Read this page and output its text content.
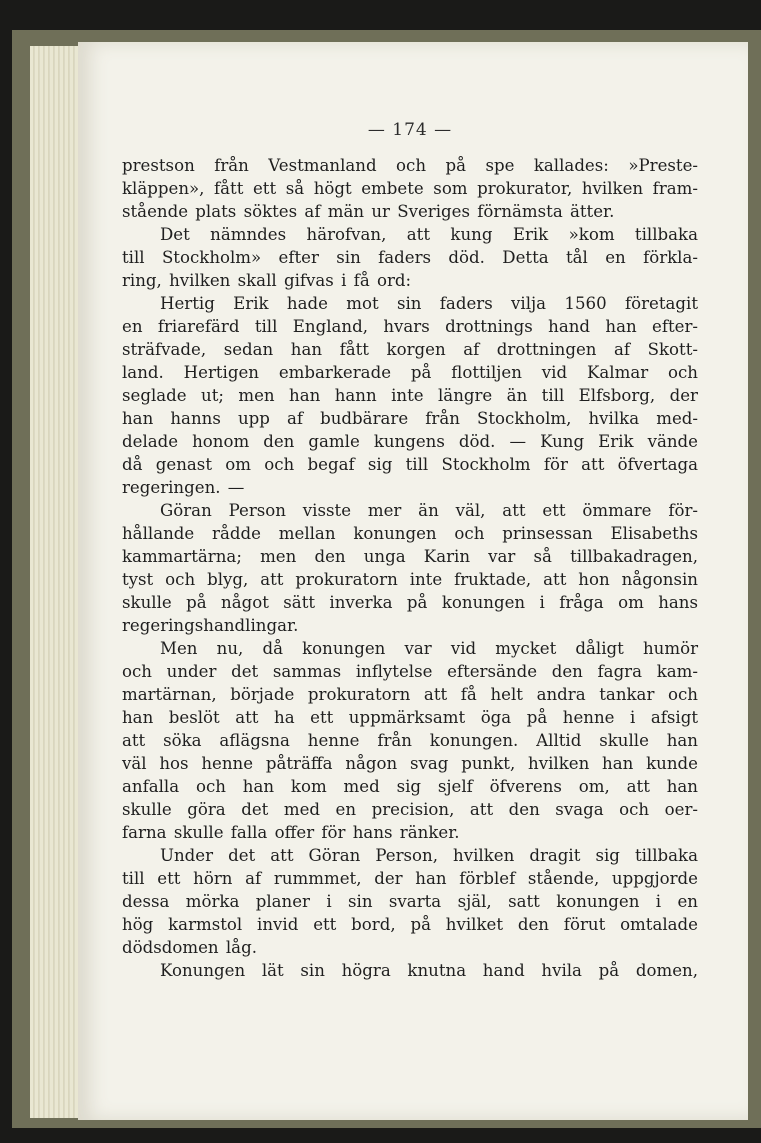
— 174 —
prestson från Vestmanland och på spe kallades: »Preste-
kläppen», fått ett så högt embete som prokurator, hvilken fram-
stående plats söktes af män ur Sveriges förnämsta ätter.
Det nämndes härofvan, att kung Erik »kom tillbaka
till Stockholm» efter sin faders död. Detta tål en förkla-
ring, hvilken skall gifvas i få ord:
Hertig Erik hade mot sin faders vilja 1560 företagit
en friarefärd till England, hvars drottnings hand han efter-
sträfvade, sedan han fått korgen af drottningen af Skott-
land. Hertigen embarkerade på flottiljen vid Kalmar och
seglade ut; men han hann inte längre än till Elfsborg, der
han hanns upp af budbärare från Stockholm, hvilka med-
delade honom den gamle kungens död. — Kung Erik vände
då genast om och begaf sig till Stockholm för att öfvertaga
regeringen. —
Göran Person visste mer än väl, att ett ömmare för-
hållande rådde mellan konungen och prinsessan Elisabeths
kammartärna; men den unga Karin var så tillbakadragen,
tyst och blyg, att prokuratorn inte fruktade, att hon någonsin
skulle på något sätt inverka på konungen i fråga om hans
regeringshandlingar.
Men nu, då konungen var vid mycket dåligt humör
och under det sammas inflytelse eftersände den fagra kam-
martärnan, började prokuratorn att få helt andra tankar och
han beslöt att ha ett uppmärksamt öga på henne i afsigt
att söka aflägsna henne från konungen. Alltid skulle han
väl hos henne påträffa någon svag punkt, hvilken han kunde
anfalla och han kom med sig sjelf öfverens om, att han
skulle göra det med en precision, att den svaga och oer-
farna skulle falla offer för hans ränker.
Under det att Göran Person, hvilken dragit sig tillbaka
till ett hörn af rummmet, der han förblef stående, uppgjorde
dessa mörka planer i sin svarta själ, satt konungen i en
hög karmstol invid ett bord, på hvilket den förut omtalade
dödsdomen låg.
Konungen lät sin högra knutna hand hvila på domen,
